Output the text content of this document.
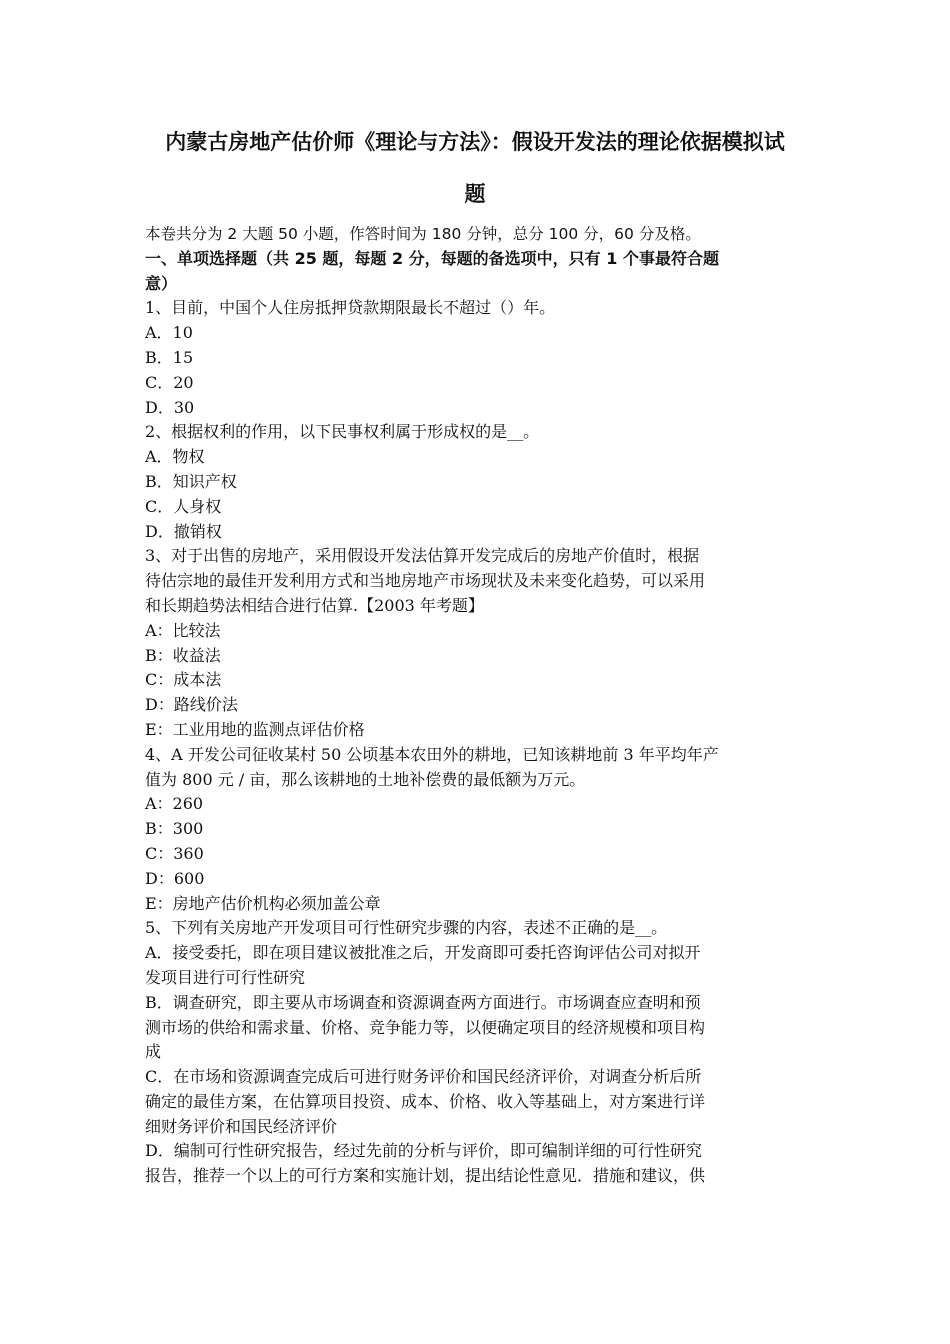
内蒙古房地产估价师《理论与方法》：假设开发法的理论依据模拟试
题
本卷共分为 2 大题 50 小题，作答时间为 180 分钟，总分 100 分，60 分及格。
一、单项选择题（共 25 题，每题 2 分，每题的备选项中，只有 1 个事最符合题
意）
1、目前，中国个人住房抵押贷款期限最长不超过（）年。
A．10
B．15
C．20
D．30
2、根据权利的作用，以下民事权利属于形成权的是__。
A．物权
B．知识产权
C．人身权
D．撤销权
3、对于出售的房地产，采用假设开发法估算开发完成后的房地产价值时，根据
待估宗地的最佳开发利用方式和当地房地产市场现状及未来变化趋势，可以采用
和长期趋势法相结合进行估算.【2003 年考题】
A：比较法
B：收益法
C：成本法
D：路线价法
E：工业用地的监测点评估价格
4、A 开发公司征收某村 50 公顷基本农田外的耕地，已知该耕地前 3 年平均年产
值为 800 元 / 亩，那么该耕地的土地补偿费的最低额为万元。
A：260
B：300
C：360
D：600
E：房地产估价机构必须加盖公章
5、下列有关房地产开发项目可行性研究步骤的内容，表述不正确的是__。
A．接受委托，即在项目建议被批准之后，开发商即可委托咨询评估公司对拟开
发项目进行可行性研究
B．调查研究，即主要从市场调查和资源调查两方面进行。市场调查应查明和预
测市场的供给和需求量、价格、竞争能力等，以便确定项目的经济规模和项目构
成
C．在市场和资源调查完成后可进行财务评价和国民经济评价，对调查分析后所
确定的最佳方案，在估算项目投资、成本、价格、收入等基础上，对方案进行详
细财务评价和国民经济评价
D．编制可行性研究报告，经过先前的分析与评价，即可编制详细的可行性研究
报告，推荐一个以上的可行方案和实施计划，提出结论性意见．措施和建议，供
